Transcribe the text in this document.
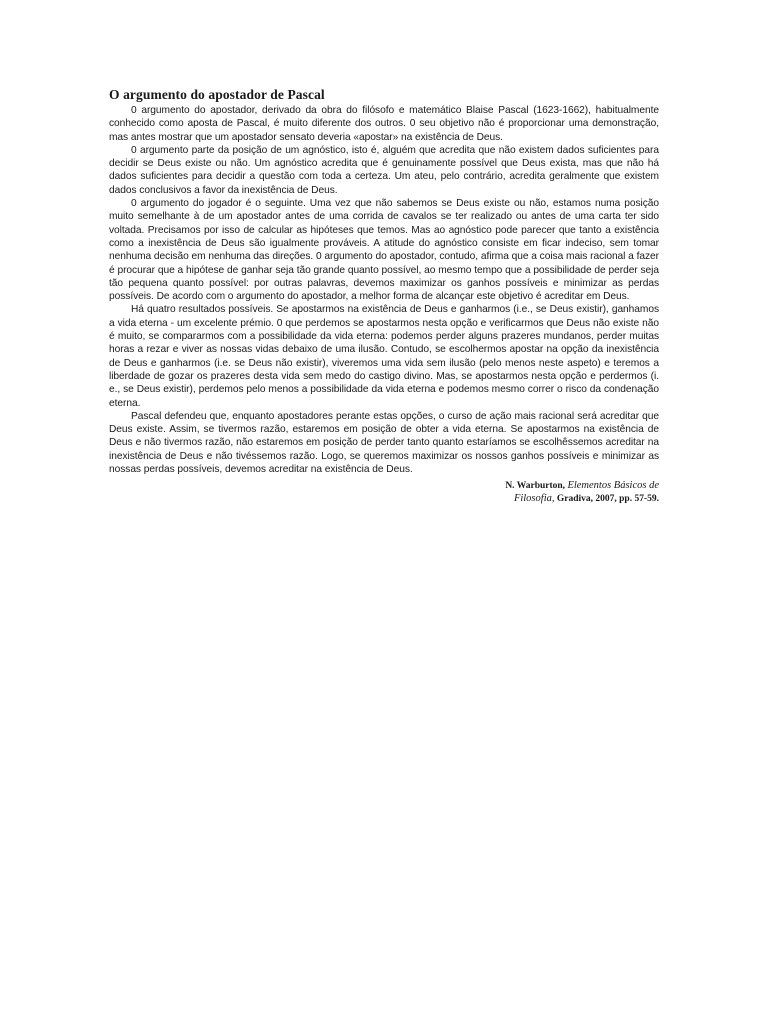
O argumento do apostador de Pascal

0 argumento do apostador, derivado da obra do filósofo e matemático Blaise Pascal (1623-1662), habitualmente conhecido como aposta de Pascal, é muito diferente dos outros. 0 seu objetivo não é proporcionar uma demonstração, mas antes mostrar que um apostador sensato deveria «apostar» na existência de Deus.

0 argumento parte da posição de um agnóstico, isto é, alguém que acredita que não existem dados suficientes para decidir se Deus existe ou não. Um agnóstico acredita que é genuinamente possível que Deus exista, mas que não há dados suficientes para decidir a questão com toda a certeza. Um ateu, pelo contrário, acredita geralmente que existem dados conclusivos a favor da inexistência de Deus.

0 argumento do jogador é o seguinte. Uma vez que não sabemos se Deus existe ou não, estamos numa posição muito semelhante à de um apostador antes de uma corrida de cavalos se ter realizado ou antes de uma carta ter sido voltada. Precisamos por isso de calcular as hipóteses que temos. Mas ao agnóstico pode parecer que tanto a existência como a inexistência de Deus são igualmente prováveis. A atitude do agnóstico consiste em ficar indeciso, sem tomar nenhuma decisão em nenhuma das direções. 0 argumento do apostador, contudo, afirma que a coisa mais racional a fazer é procurar que a hipótese de ganhar seja tão grande quanto possível, ao mesmo tempo que a possibilidade de perder seja tão pequena quanto possível: por outras palavras, devemos maximizar os ganhos possíveis e minimizar as perdas possíveis. De acordo com o argumento do apostador, a melhor forma de alcançar este objetivo é acreditar em Deus.

Há quatro resultados possíveis. Se apostarmos na existência de Deus e ganharmos (i.e., se Deus existir), ganhamos a vida eterna - um excelente prémio. 0 que perdemos se apostarmos nesta opção e verificarmos que Deus não existe não é muito, se compararmos com a possibilidade da vida eterna: podemos perder alguns prazeres mundanos, perder muitas horas a rezar e viver as nossas vidas debaixo de uma ilusão. Contudo, se escolhermos apostar na opção da inexistência de Deus e ganharmos (i.e. se Deus não existir), viveremos uma vida sem ilusão (pelo menos neste aspeto) e teremos a liberdade de gozar os prazeres desta vida sem medo do castigo divino. Mas, se apostarmos nesta opção e perdermos (i. e., se Deus existir), perdemos pelo menos a possibilidade da vida eterna e podemos mesmo correr o risco da condenação eterna.

Pascal defendeu que, enquanto apostadores perante estas opções, o curso de ação mais racional será acreditar que Deus existe. Assim, se tivermos razão, estaremos em posição de obter a vida eterna. Se apostarmos na existência de Deus e não tivermos razão, não estaremos em posição de perder tanto quanto estaríamos se escolhêssemos acreditar na inexistência de Deus e não tivéssemos razão. Logo, se queremos maximizar os nossos ganhos possíveis e minimizar as nossas perdas possíveis, devemos acreditar na existência de Deus.

N. Warburton, Elementos Básicos de
Filosofia, Gradiva, 2007, pp. 57-59.
